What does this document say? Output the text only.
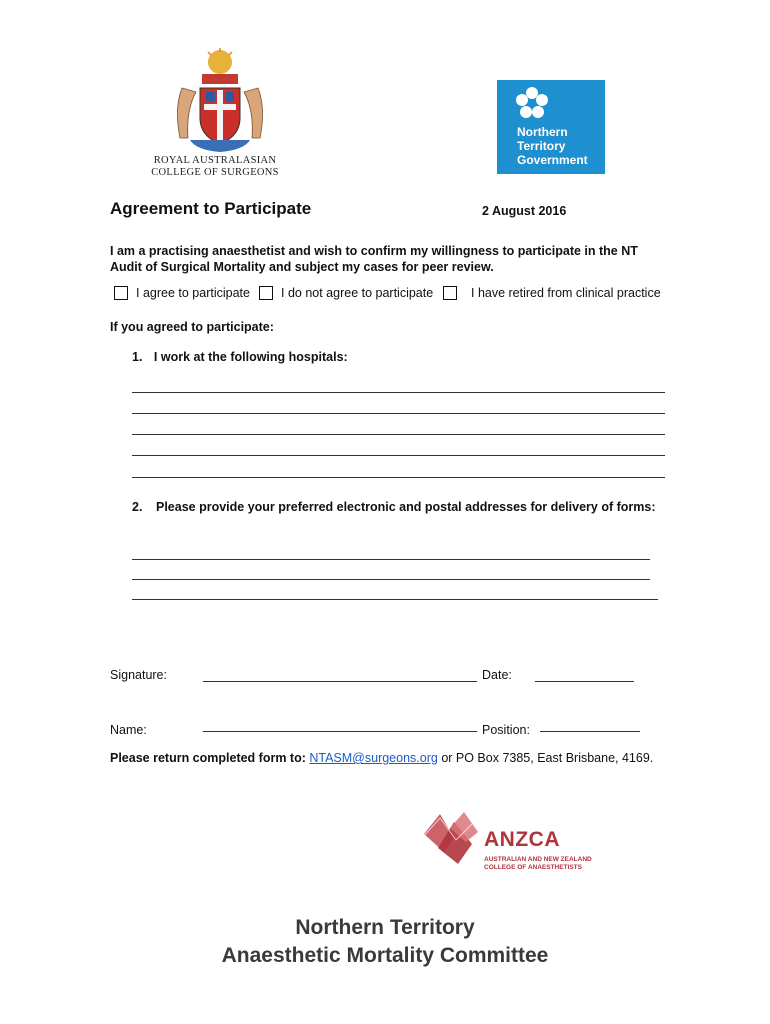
ROYAL AUSTRALASIAN
COLLEGE OF SURGEONS
Northern
Territory
Government
Agreement to Participate	2 August 2016
I am a practising anaesthetist and wish to confirm my willingness to participate in the NT Audit of Surgical Mortality and subject my cases for peer review.
I agree to participate I do not agree to participate	I have retired from clinical practice
If you agreed to participate:
1. I work at the following hospitals:
2. Please provide your preferred electronic and postal addresses for delivery of forms:
Signature:	Date:
Name:	Position:
Please return completed form to: NTASM@surgeons.org or PO Box 7385, East Brisbane, 4169.
ANZCA
AUSTRALIAN AND NEW ZEALAND
COLLEGE OF ANAESTHETISTS
Northern Territory
Anaesthetic Mortality Committee
